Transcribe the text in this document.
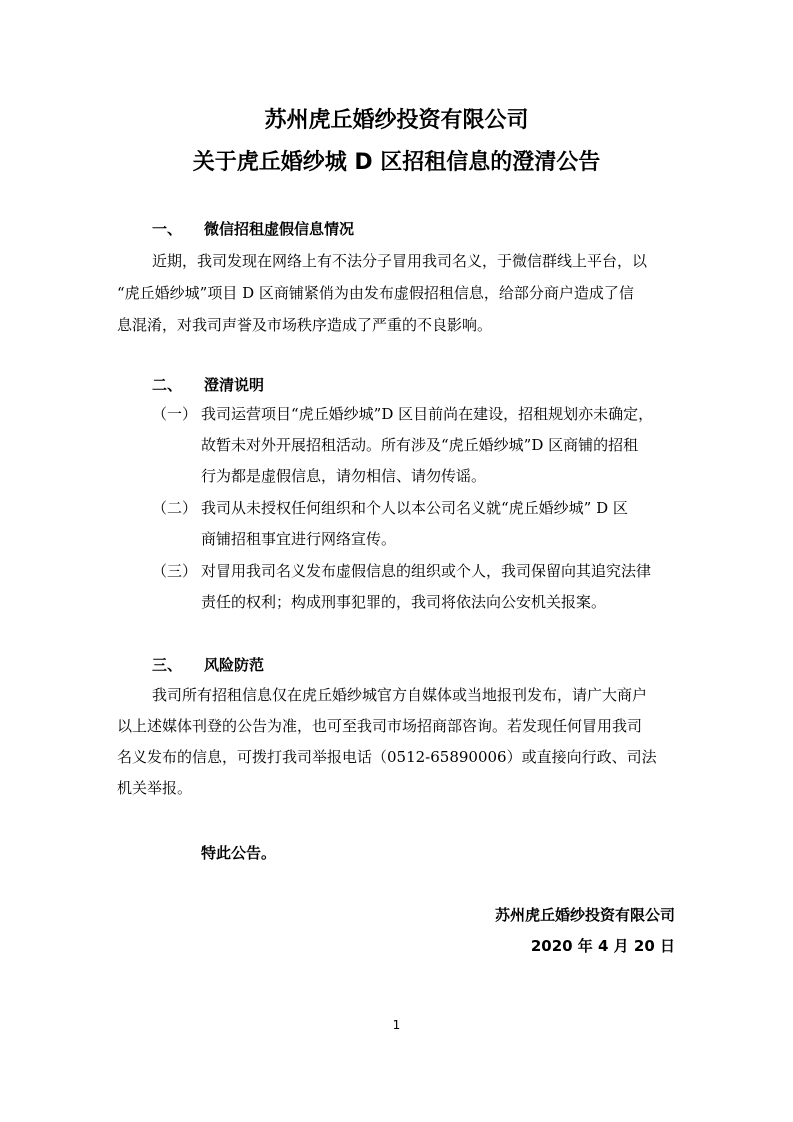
苏州虎丘婚纱投资有限公司
关于虎丘婚纱城 D 区招租信息的澄清公告
一、 微信招租虚假信息情况
近期，我司发现在网络上有不法分子冒用我司名义，于微信群线上平台，以
“虎丘婚纱城”项目 D 区商铺紧俏为由发布虚假招租信息，给部分商户造成了信
息混淆，对我司声誉及市场秩序造成了严重的不良影响。
二、 澄清说明
（一） 我司运营项目“虎丘婚纱城”D 区目前尚在建设，招租规划亦未确定，
故暂未对外开展招租活动。所有涉及“虎丘婚纱城”D 区商铺的招租
行为都是虚假信息，请勿相信、请勿传谣。
（二） 我司从未授权任何组织和个人以本公司名义就“虎丘婚纱城” D 区
商铺招租事宜进行网络宣传。
（三） 对冒用我司名义发布虚假信息的组织或个人，我司保留向其追究法律
责任的权利；构成刑事犯罪的，我司将依法向公安机关报案。
三、 风险防范
我司所有招租信息仅在虎丘婚纱城官方自媒体或当地报刊发布，请广大商户
以上述媒体刊登的公告为准，也可至我司市场招商部咨询。若发现任何冒用我司
名义发布的信息，可拨打我司举报电话（0512-65890006）或直接向行政、司法
机关举报。
特此公告。
苏州虎丘婚纱投资有限公司
2020 年 4 月 20 日
1
